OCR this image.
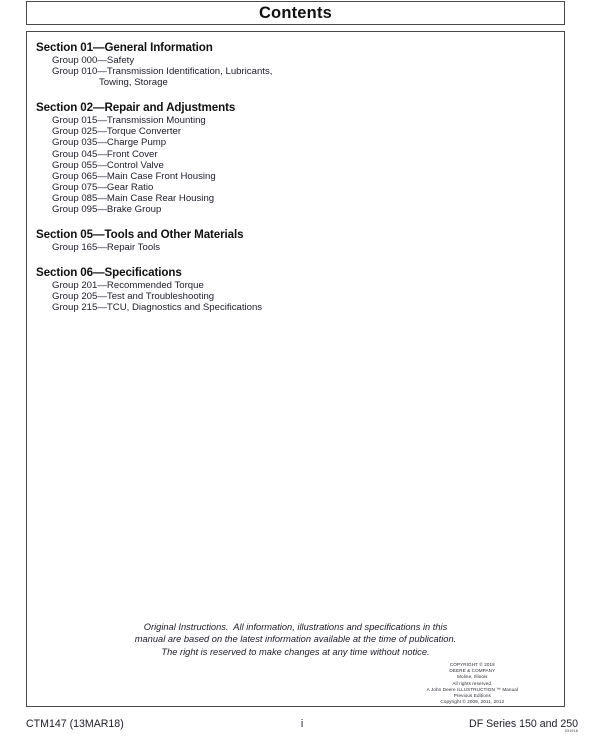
Contents
Section 01—General Information
Group 000—Safety
Group 010—Transmission Identification, Lubricants,
Towing, Storage
Section 02—Repair and Adjustments
Group 015—Transmission Mounting
Group 025—Torque Converter
Group 035—Charge Pump
Group 045—Front Cover
Group 055—Control Valve
Group 065—Main Case Front Housing
Group 075—Gear Ratio
Group 085—Main Case Rear Housing
Group 095—Brake Group
Section 05—Tools and Other Materials
Group 165—Repair Tools
Section 06—Specifications
Group 201—Recommended Torque
Group 205—Test and Troubleshooting
Group 215—TCU, Diagnostics and Specifications
Original Instructions.  All information, illustrations and specifications in this
manual are based on the latest information available at the time of publication.
The right is reserved to make changes at any time without notice.
COPYRIGHT © 2018
DEERE & COMPANY
Moline, Illinois
All rights reserved.
A John Deere ILLUSTRUCTION ™ Manual
Previous Editions
Copyright © 2009, 2011, 2012
CTM147 (13MAR18)	i	DF Series 150 and 250
031918
